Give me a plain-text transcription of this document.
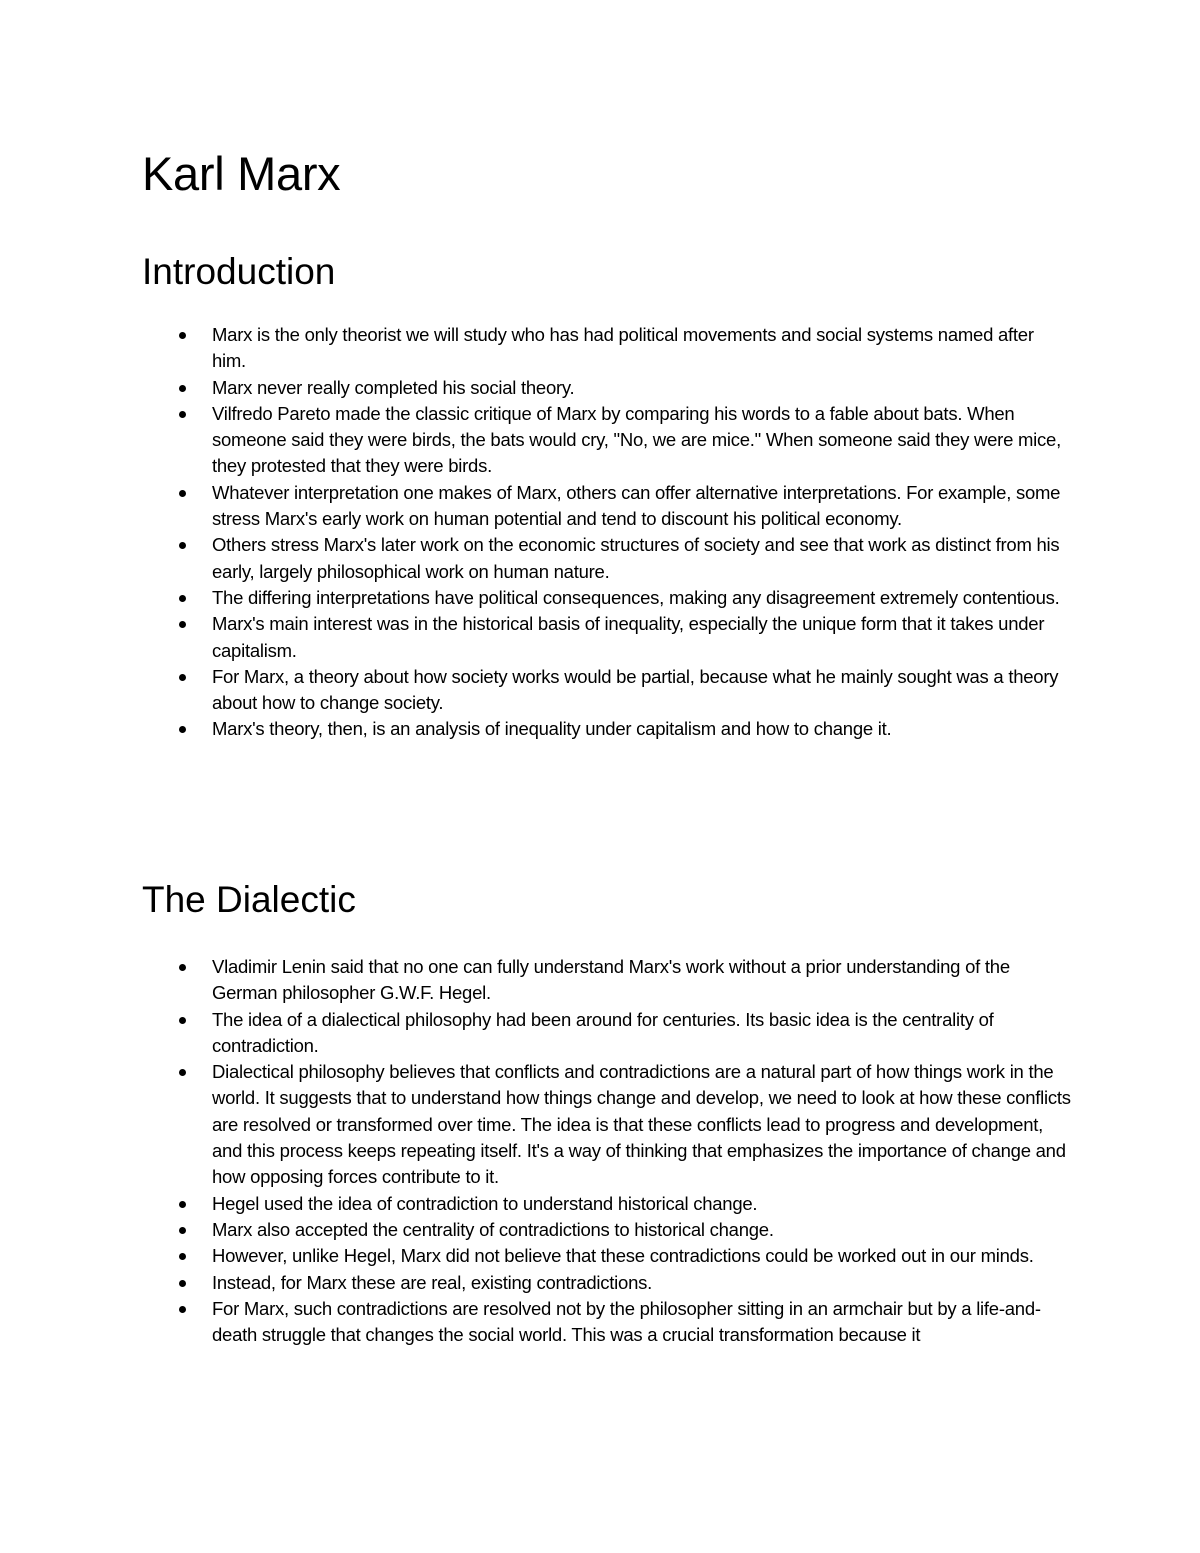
Karl Marx
Introduction
Marx is the only theorist we will study who has had political movements and social systems named after him.
Marx never really completed his social theory.
Vilfredo Pareto made the classic critique of Marx by comparing his words to a fable about bats. When someone said they were birds, the bats would cry, "No, we are mice." When someone said they were mice, they protested that they were birds.
Whatever interpretation one makes of Marx, others can offer alternative interpretations. For example, some stress Marx's early work on human potential and tend to discount his political economy.
Others stress Marx's later work on the economic structures of society and see that work as distinct from his early, largely philosophical work on human nature.
The differing interpretations have political consequences, making any disagreement extremely contentious.
Marx's main interest was in the historical basis of inequality, especially the unique form that it takes under capitalism.
For Marx, a theory about how society works would be partial, because what he mainly sought was a theory about how to change society.
Marx's theory, then, is an analysis of inequality under capitalism and how to change it.
The Dialectic
Vladimir Lenin said that no one can fully understand Marx's work without a prior understanding of the German philosopher G.W.F. Hegel.
The idea of a dialectical philosophy had been around for centuries. Its basic idea is the centrality of contradiction.
Dialectical philosophy believes that conflicts and contradictions are a natural part of how things work in the world. It suggests that to understand how things change and develop, we need to look at how these conflicts are resolved or transformed over time. The idea is that these conflicts lead to progress and development, and this process keeps repeating itself. It's a way of thinking that emphasizes the importance of change and how opposing forces contribute to it.
Hegel used the idea of contradiction to understand historical change.
Marx also accepted the centrality of contradictions to historical change.
However, unlike Hegel, Marx did not believe that these contradictions could be worked out in our minds.
Instead, for Marx these are real, existing contradictions.
For Marx, such contradictions are resolved not by the philosopher sitting in an armchair but by a life-and-death struggle that changes the social world. This was a crucial transformation because it
